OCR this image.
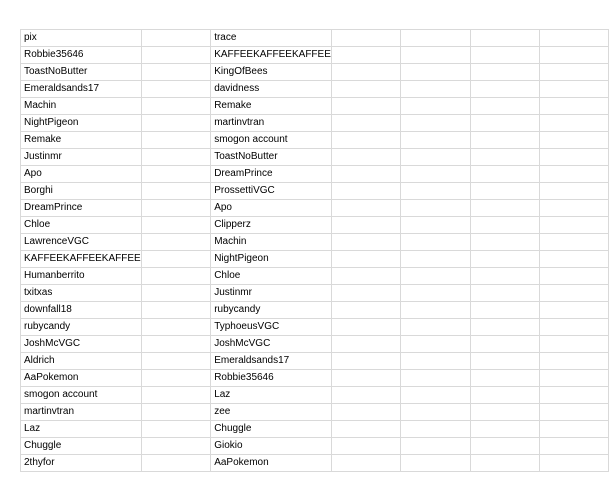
pix		trace				
Robbie35646		KAFFEEKAFFEEKAFFEE				
ToastNoButter		KingOfBees				
Emeraldsands17		davidness				
Machin		Remake				
NightPigeon		martinvtran				
Remake		smogon account				
Justinmr		ToastNoButter				
Apo		DreamPrince				
Borghi		ProssettiVGC				
DreamPrince		Apo				
Chloe		Clipperz				
LawrenceVGC		Machin				
KAFFEEKAFFEEKAFFEE		NightPigeon				
Humanberrito		Chloe				
txitxas		Justinmr				
downfall18		rubycandy				
rubycandy		TyphoeusVGC				
JoshMcVGC		JoshMcVGC				
Aldrich		Emeraldsands17				
AaPokemon		Robbie35646				
smogon account		Laz				
martinvtran		zee				
Laz		Chuggle				
Chuggle		Giokio				
2thyfor		AaPokemon				
